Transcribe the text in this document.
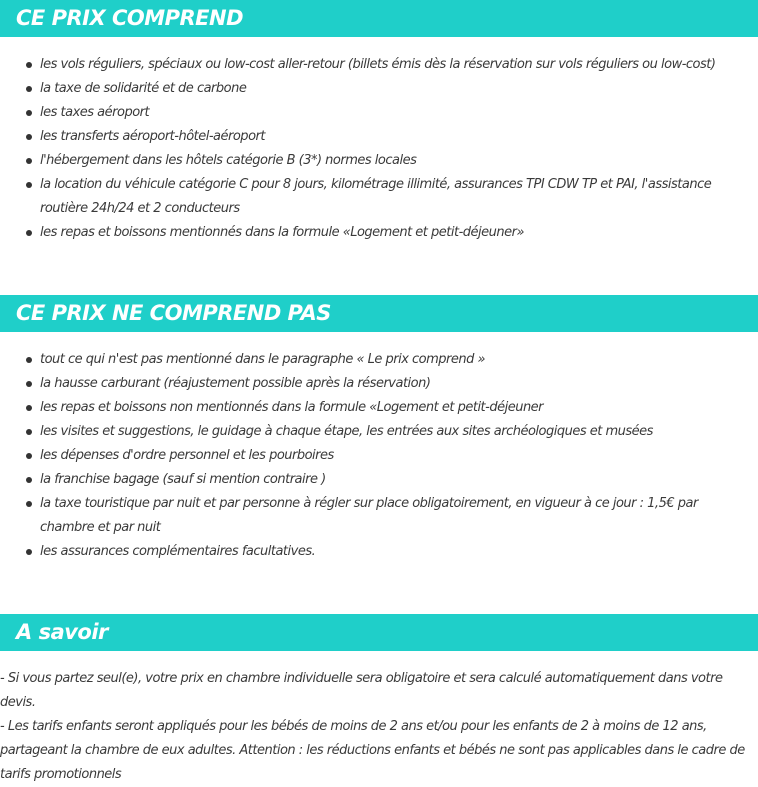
CE PRIX COMPREND
les vols réguliers, spéciaux ou low-cost aller-retour (billets émis dès la réservation sur vols réguliers ou low-cost)
la taxe de solidarité et de carbone
les taxes aéroport
les transferts aéroport-hôtel-aéroport
l'hébergement dans les hôtels catégorie B (3*) normes locales
la location du véhicule catégorie C pour 8 jours, kilométrage illimité, assurances TPI CDW TP et PAI, l'assistance routière 24h/24 et 2 conducteurs
les repas et boissons mentionnés dans la formule «Logement et petit-déjeuner»
CE PRIX NE COMPREND PAS
tout ce qui n'est pas mentionné dans le paragraphe « Le prix comprend »
la hausse carburant (réajustement possible après la réservation)
les repas et boissons non mentionnés dans la formule «Logement et petit-déjeuner
les visites et suggestions, le guidage à chaque étape, les entrées aux sites archéologiques et musées
les dépenses d'ordre personnel et les pourboires
la franchise bagage (sauf si mention contraire )
la taxe touristique par nuit et par personne à régler sur place obligatoirement, en vigueur à ce jour : 1,5€ par chambre et par nuit
les assurances complémentaires facultatives.
A savoir

- Si vous partez seul(e), votre prix en chambre individuelle sera obligatoire et sera calculé automatiquement dans votre devis.

- Les tarifs enfants seront appliqués pour les bébés de moins de 2 ans et/ou pour les enfants de 2 à moins de 12 ans, partageant la chambre de eux adultes. Attention : les réductions enfants et bébés ne sont pas applicables dans le cadre de tarifs promotionnels
